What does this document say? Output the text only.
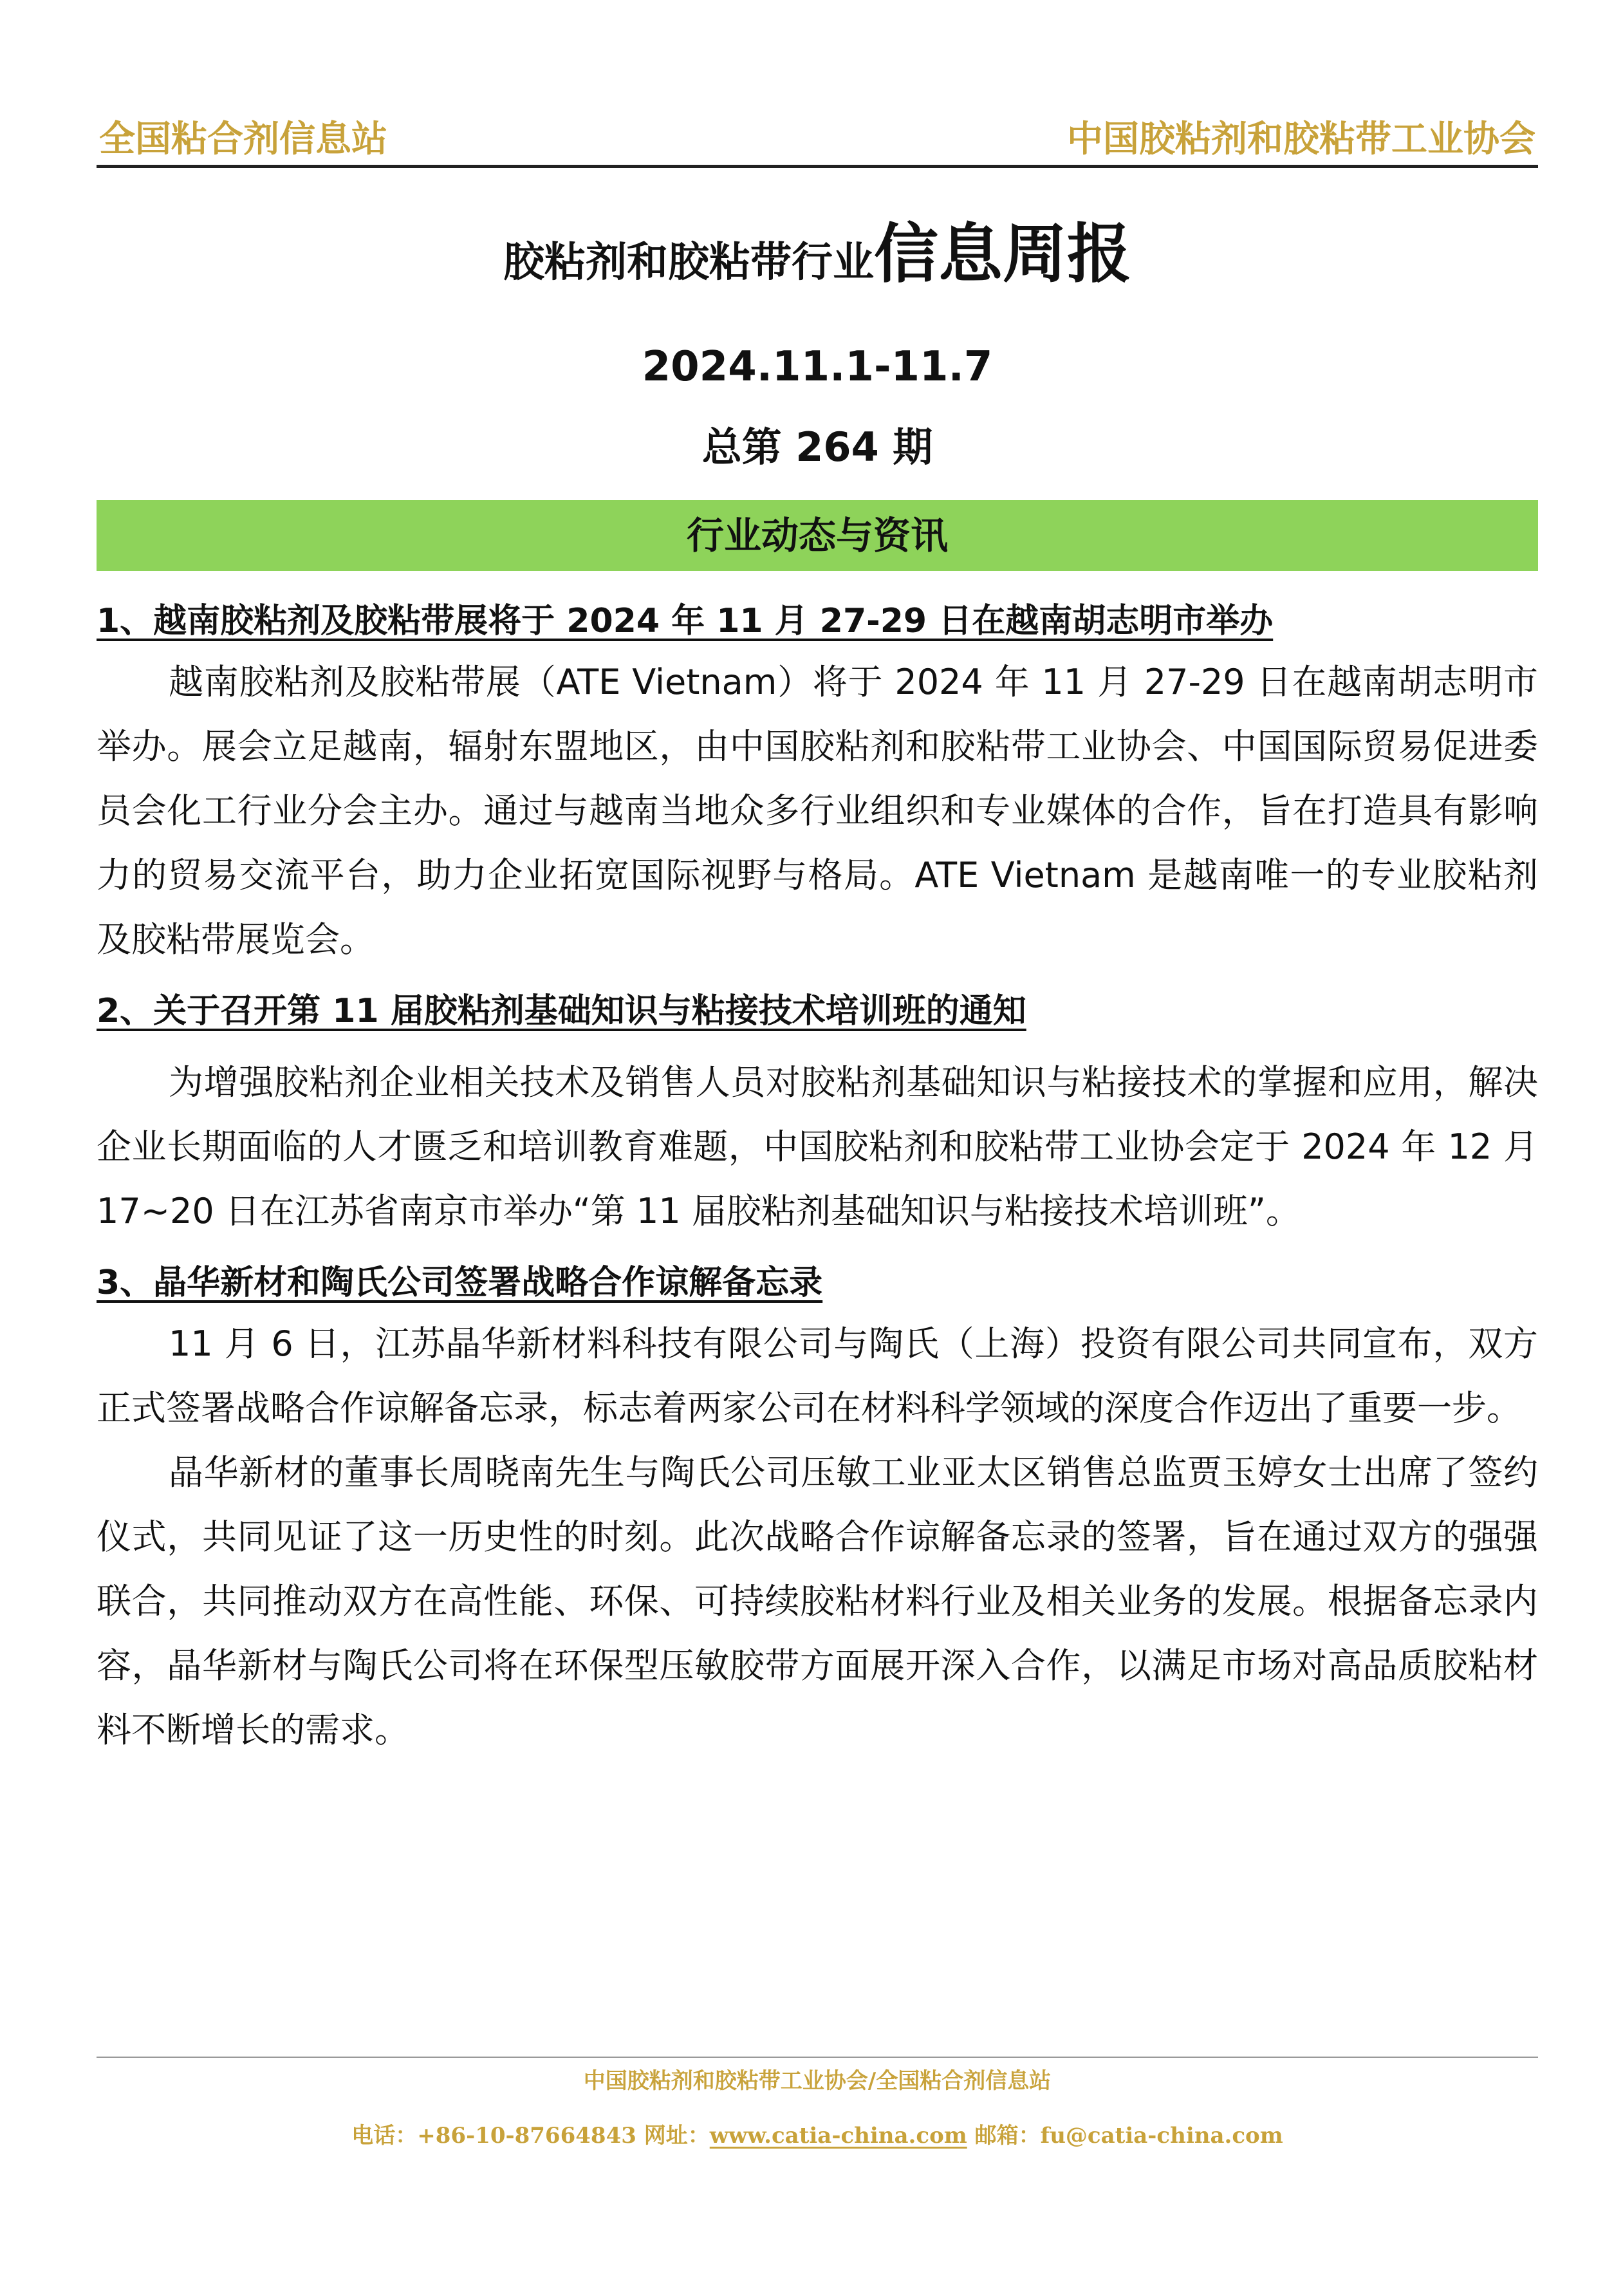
全国粘合剂信息站	中国胶粘剂和胶粘带工业协会
胶粘剂和胶粘带行业信息周报
2024.11.1-11.7
总第 264 期
行业动态与资讯
1、越南胶粘剂及胶粘带展将于 2024 年 11 月 27-29 日在越南胡志明市举办

越南胶粘剂及胶粘带展（ATE Vietnam）将于 2024 年 11 月 27-29 日在越南胡志明市举办。展会立足越南，辐射东盟地区，由中国胶粘剂和胶粘带工业协会、中国国际贸易促进委员会化工行业分会主办。通过与越南当地众多行业组织和专业媒体的合作，旨在打造具有影响力的贸易交流平台，助力企业拓宽国际视野与格局。ATE Vietnam 是越南唯一的专业胶粘剂及胶粘带展览会。

2、关于召开第 11 届胶粘剂基础知识与粘接技术培训班的通知

为增强胶粘剂企业相关技术及销售人员对胶粘剂基础知识与粘接技术的掌握和应用，解决企业长期面临的人才匮乏和培训教育难题，中国胶粘剂和胶粘带工业协会定于 2024 年 12 月 17~20 日在江苏省南京市举办“第 11 届胶粘剂基础知识与粘接技术培训班”。

3、晶华新材和陶氏公司签署战略合作谅解备忘录

11 月 6 日，江苏晶华新材料科技有限公司与陶氏（上海）投资有限公司共同宣布，双方正式签署战略合作谅解备忘录，标志着两家公司在材料科学领域的深度合作迈出了重要一步。

晶华新材的董事长周晓南先生与陶氏公司压敏工业亚太区销售总监贾玉婷女士出席了签约仪式，共同见证了这一历史性的时刻。此次战略合作谅解备忘录的签署，旨在通过双方的强强联合，共同推动双方在高性能、环保、可持续胶粘材料行业及相关业务的发展。根据备忘录内容，晶华新材与陶氏公司将在环保型压敏胶带方面展开深入合作，以满足市场对高品质胶粘材料不断增长的需求。

中国胶粘剂和胶粘带工业协会/全国粘合剂信息站
电话：+86-10-87664843 网址：www.catia-china.com 邮箱：fu@catia-china.com
